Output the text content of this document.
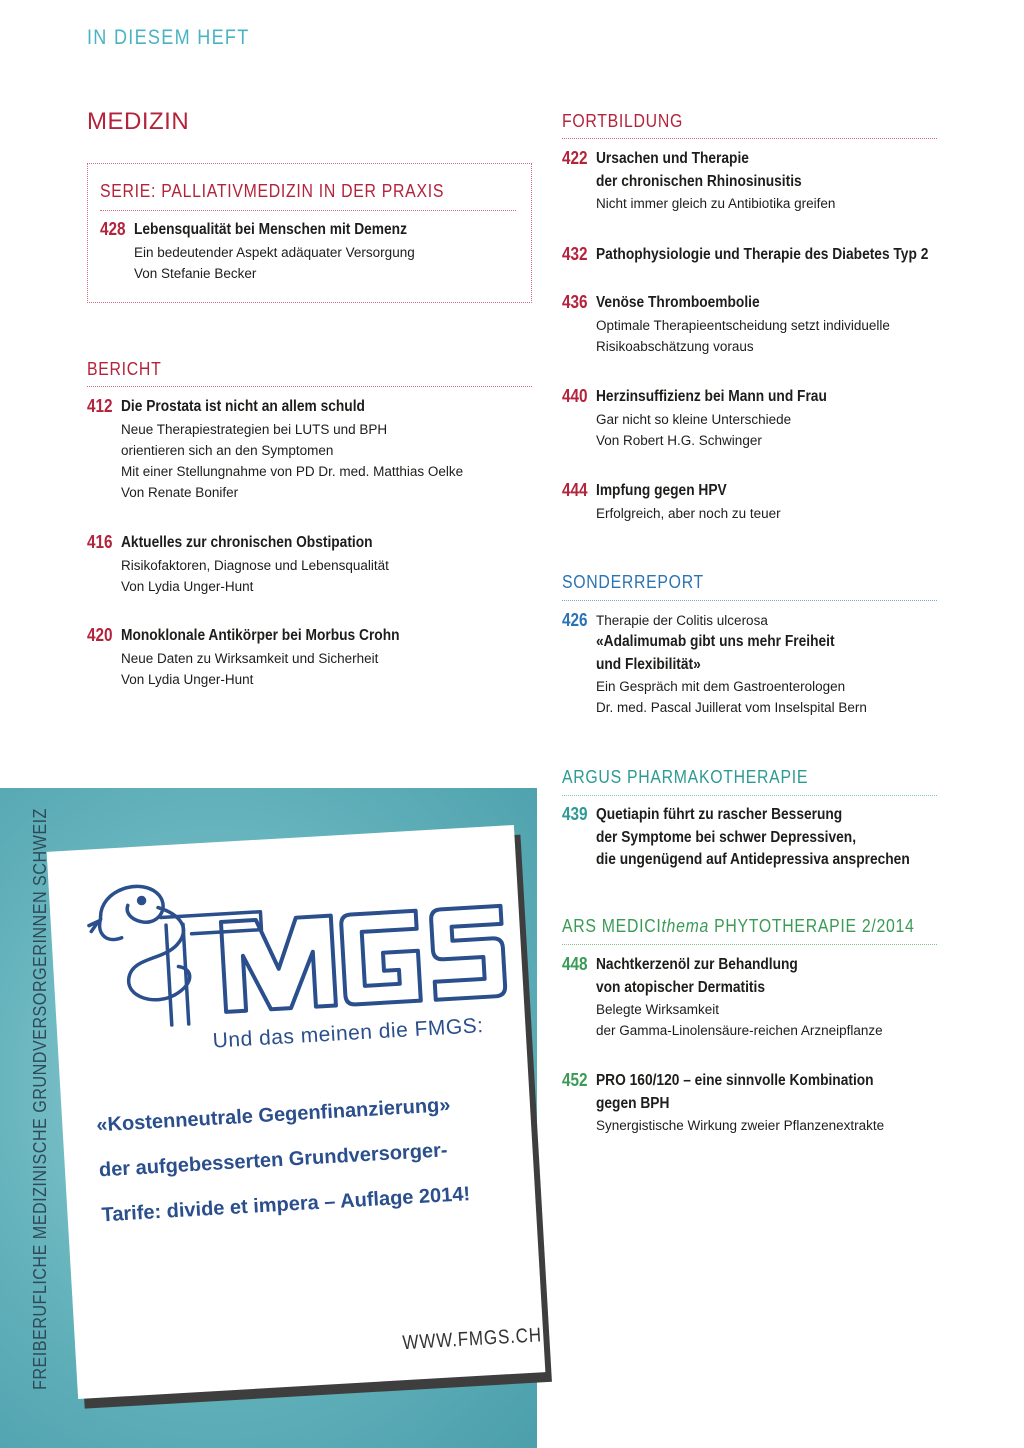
IN DIESEM HEFT
MEDIZIN
SERIE: PALLIATIVMEDIZIN IN DER PRAXIS
428 Lebensqualität bei Menschen mit Demenz
Ein bedeutender Aspekt adäquater Versorgung
Von Stefanie Becker
BERICHT
412 Die Prostata ist nicht an allem schuld
Neue Therapiestrategien bei LUTS und BPH
orientieren sich an den Symptomen
Mit einer Stellungnahme von PD Dr. med. Matthias Oelke
Von Renate Bonifer
416 Aktuelles zur chronischen Obstipation
Risikofaktoren, Diagnose und Lebensqualität
Von Lydia Unger-Hunt
420 Monoklonale Antikörper bei Morbus Crohn
Neue Daten zu Wirksamkeit und Sicherheit
Von Lydia Unger-Hunt
FORTBILDUNG
422 Ursachen und Therapie
der chronischen Rhinosinusitis
Nicht immer gleich zu Antibiotika greifen
432 Pathophysiologie und Therapie des Diabetes Typ 2
436 Venöse Thromboembolie
Optimale Therapieentscheidung setzt individuelle
Risikoabschätzung voraus
440 Herzinsuffizienz bei Mann und Frau
Gar nicht so kleine Unterschiede
Von Robert H.G. Schwinger
444 Impfung gegen HPV
Erfolgreich, aber noch zu teuer
SONDERREPORT
426 Therapie der Colitis ulcerosa
«Adalimumab gibt uns mehr Freiheit
und Flexibilität»
Ein Gespräch mit dem Gastroenterologen
Dr. med. Pascal Juillerat vom Inselspital Bern
ARGUS PHARMAKOTHERAPIE
439 Quetiapin führt zu rascher Besserung
der Symptome bei schwer Depressiven,
die ungenügend auf Antidepressiva ansprechen
ARS MEDICIthema PHYTOTHERAPIE 2/2014
448 Nachtkerzenöl zur Behandlung
von atopischer Dermatitis
Belegte Wirksamkeit
der Gamma-Linolensäure-reichen Arzneipflanze
452 PRO 160/120 – eine sinnvolle Kombination
gegen BPH
Synergistische Wirkung zweier Pflanzenextrakte
FREIBERUFLICHE MEDIZINISCHE GRUNDVERSORGERINNEN SCHWEIZ	Und das meinen die FMGS:
«Kostenneutrale Gegenfinanzierung»
der aufgebesserten Grundversorger-
Tarife: divide et impera – Auflage 2014!
WWW.FMGS.CH
